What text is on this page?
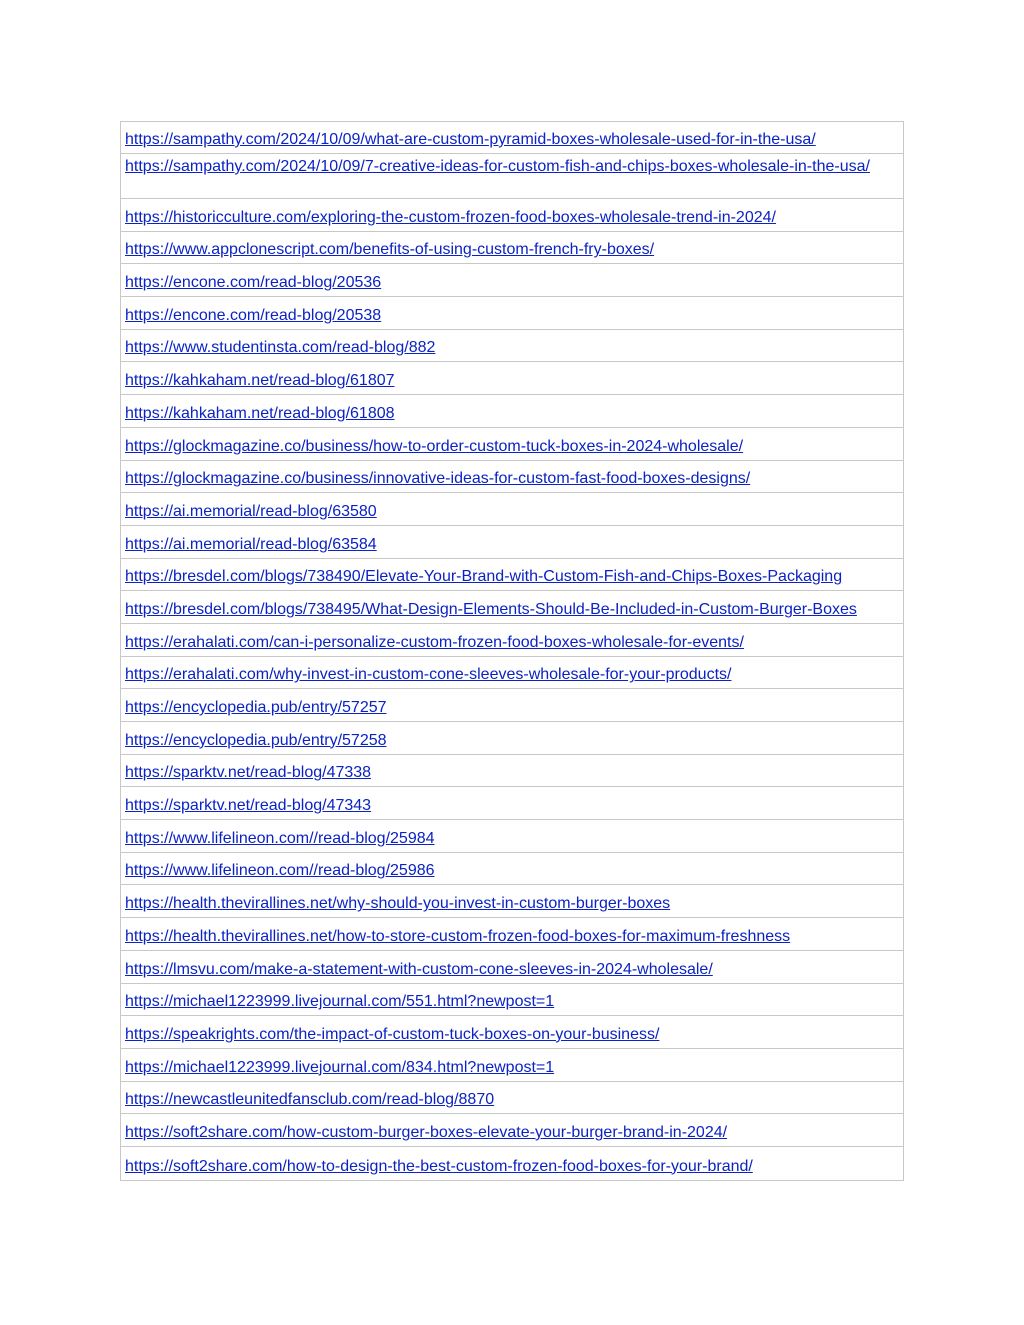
https://sampathy.com/2024/10/09/what-are-custom-pyramid-boxes-wholesale-used-for-in-the-usa/
https://sampathy.com/2024/10/09/7-creative-ideas-for-custom-fish-and-chips-boxes-wholesale-in-the-usa/
https://historicculture.com/exploring-the-custom-frozen-food-boxes-wholesale-trend-in-2024/
https://www.appclonescript.com/benefits-of-using-custom-french-fry-boxes/
https://encone.com/read-blog/20536
https://encone.com/read-blog/20538
https://www.studentinsta.com/read-blog/882
https://kahkaham.net/read-blog/61807
https://kahkaham.net/read-blog/61808
https://glockmagazine.co/business/how-to-order-custom-tuck-boxes-in-2024-wholesale/
https://glockmagazine.co/business/innovative-ideas-for-custom-fast-food-boxes-designs/
https://ai.memorial/read-blog/63580
https://ai.memorial/read-blog/63584
https://bresdel.com/blogs/738490/Elevate-Your-Brand-with-Custom-Fish-and-Chips-Boxes-Packaging
https://bresdel.com/blogs/738495/What-Design-Elements-Should-Be-Included-in-Custom-Burger-Boxes
https://erahalati.com/can-i-personalize-custom-frozen-food-boxes-wholesale-for-events/
https://erahalati.com/why-invest-in-custom-cone-sleeves-wholesale-for-your-products/
https://encyclopedia.pub/entry/57257
https://encyclopedia.pub/entry/57258
https://sparktv.net/read-blog/47338
https://sparktv.net/read-blog/47343
https://www.lifelineon.com//read-blog/25984
https://www.lifelineon.com//read-blog/25986
https://health.thevirallines.net/why-should-you-invest-in-custom-burger-boxes
https://health.thevirallines.net/how-to-store-custom-frozen-food-boxes-for-maximum-freshness
https://lmsvu.com/make-a-statement-with-custom-cone-sleeves-in-2024-wholesale/
https://michael1223999.livejournal.com/551.html?newpost=1
https://speakrights.com/the-impact-of-custom-tuck-boxes-on-your-business/
https://michael1223999.livejournal.com/834.html?newpost=1
https://newcastleunitedfansclub.com/read-blog/8870
https://soft2share.com/how-custom-burger-boxes-elevate-your-burger-brand-in-2024/
https://soft2share.com/how-to-design-the-best-custom-frozen-food-boxes-for-your-brand/
